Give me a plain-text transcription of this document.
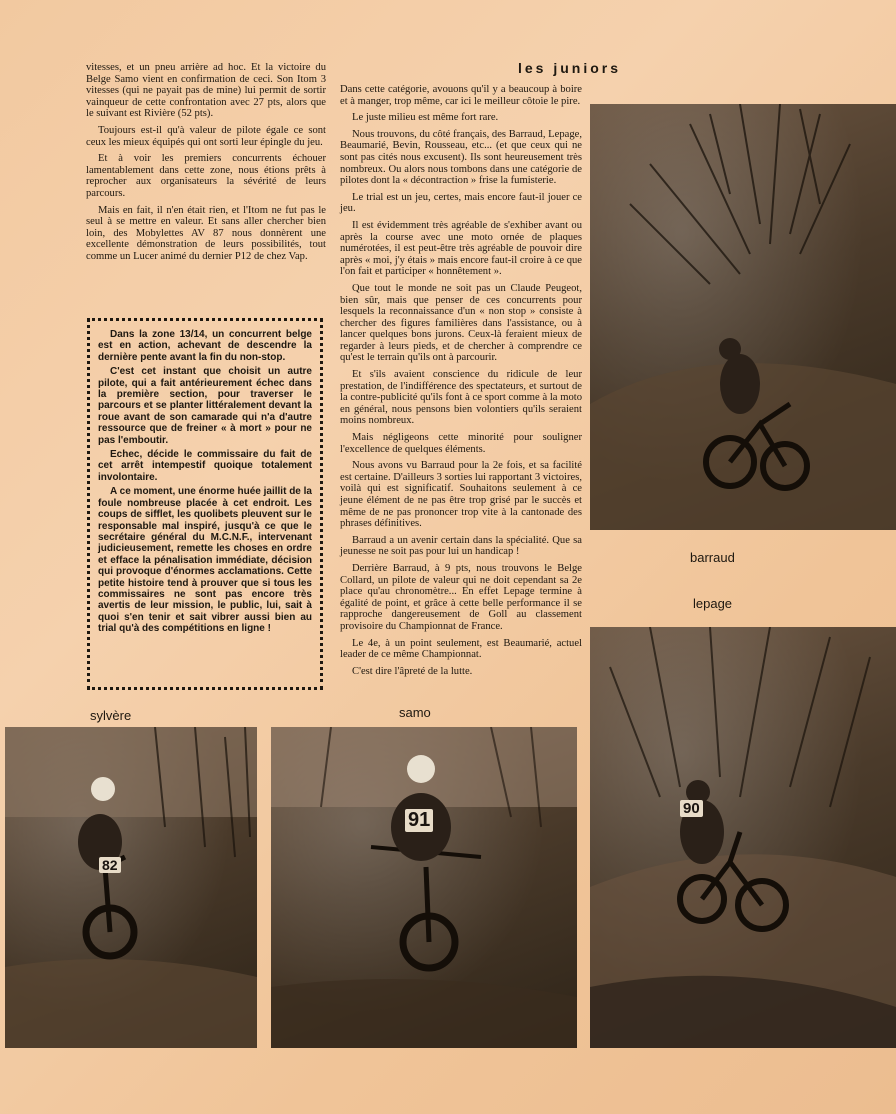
les juniors

vitesses, et un pneu arrière ad hoc. Et la victoire du Belge Samo vient en confirmation de ceci. Son Itom 3 vitesses (qui ne payait pas de mine) lui permit de sortir vainqueur de cette confrontation avec 27 pts, alors que le suivant est Rivière (52 pts).

Toujours est-il qu'à valeur de pilote égale ce sont ceux les mieux équipés qui ont sorti leur épingle du jeu.

Et à voir les premiers concurrents échouer lamentablement dans cette zone, nous étions prêts à reprocher aux organisateurs la sévérité de leurs parcours.

Mais en fait, il n'en était rien, et l'Itom ne fut pas le seul à se mettre en valeur. Et sans aller chercher bien loin, des Mobylettes AV 87 nous donnèrent une excellente démonstration de leurs possibilités, tout comme un Lucer animé du dernier P12 de chez Vap.

Dans la zone 13/14, un concurrent belge est en action, achevant de descendre la dernière pente avant la fin du non-stop.

C'est cet instant que choisit un autre pilote, qui a fait antérieurement échec dans la première section, pour traverser le parcours et se planter littéralement devant la roue avant de son camarade qui n'a d'autre ressource que de freiner « à mort » pour ne pas l'emboutir.

Echec, décide le commissaire du fait de cet arrêt intempestif quoique totalement involontaire.

A ce moment, une énorme huée jaillit de la foule nombreuse placée à cet endroit. Les coups de sifflet, les quolibets pleuvent sur le responsable mal inspiré, jusqu'à ce que le secrétaire général du M.C.N.F., intervenant judicieusement, remette les choses en ordre et efface la pénalisation immédiate, décision qui provoque d'énormes acclamations. Cette petite histoire tend à prouver que si tous les commissaires ne sont pas encore très avertis de leur mission, le public, lui, sait à quoi s'en tenir et sait vibrer aussi bien au trial qu'à des compétitions en ligne !

Dans cette catégorie, avouons qu'il y a beaucoup à boire et à manger, trop même, car ici le meilleur côtoie le pire.

Le juste milieu est même fort rare.

Nous trouvons, du côté français, des Barraud, Lepage, Beaumarié, Bevin, Rousseau, etc... (et que ceux qui ne sont pas cités nous excusent). Ils sont heureusement très nombreux. Ou alors nous tombons dans une catégorie de pilotes dont la « décontraction » frise la fumisterie.

Le trial est un jeu, certes, mais encore faut-il jouer ce jeu.

Il est évidemment très agréable de s'exhiber avant ou après la course avec une moto ornée de plaques numérotées, il est peut-être très agréable de pouvoir dire après « moi, j'y étais » mais encore faut-il croire à ce que l'on fait et participer « honnêtement ».

Que tout le monde ne soit pas un Claude Peugeot, bien sûr, mais que penser de ces concurrents pour lesquels la reconnaissance d'un « non stop » consiste à chercher des figures familières dans l'assistance, ou à lancer quelques bons jurons. Ceux-là feraient mieux de regarder à leurs pieds, et de chercher à comprendre ce qu'est le terrain qu'ils ont à parcourir.

Et s'ils avaient conscience du ridicule de leur prestation, de l'indifférence des spectateurs, et surtout de la contre-publicité qu'ils font à ce sport comme à la moto en général, nous pensons bien volontiers qu'ils seraient moins nombreux.

Mais négligeons cette minorité pour souligner l'excellence de quelques éléments.

Nous avons vu Barraud pour la 2e fois, et sa facilité est certaine. D'ailleurs 3 sorties lui rapportant 3 victoires, voilà qui est significatif. Souhaitons seulement à ce jeune élément de ne pas être trop grisé par le succès et même de ne pas prononcer trop vite à la cantonade des phrases définitives.

Barraud a un avenir certain dans la spécialité. Que sa jeunesse ne soit pas pour lui un handicap !

Derrière Barraud, à 9 pts, nous trouvons le Belge Collard, un pilote de valeur qui ne doit cependant sa 2e place qu'au chronomètre... En effet Lepage termine à égalité de point, et grâce à cette belle performance il se rapproche dangereusement de Goll au classement provisoire du Championnat de France.

Le 4e, à un point seulement, est Beaumarié, actuel leader de ce même Championnat.

C'est dire l'âpreté de la lutte.

90
82
91
barraud
lepage
sylvère	samo
